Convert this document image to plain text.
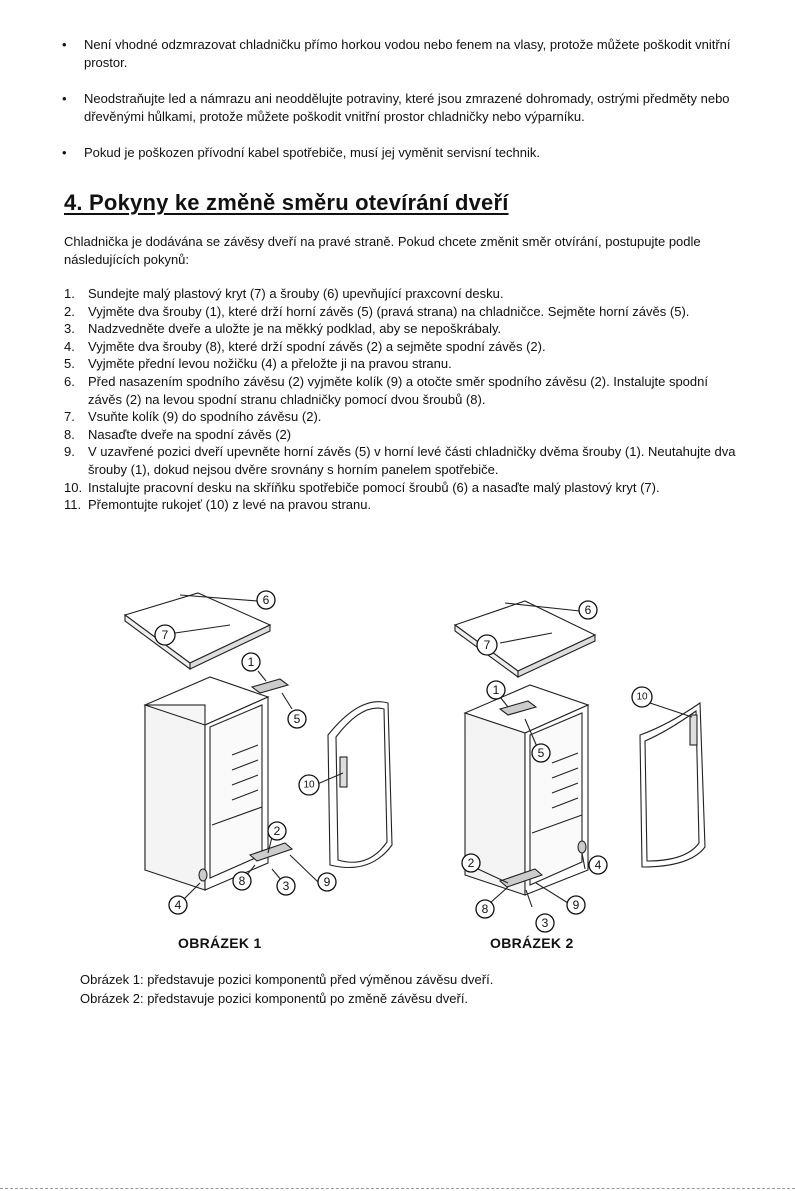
• Není vhodné odzmrazovat chladničku přímo horkou vodou nebo fenem na vlasy, protože můžete poškodit vnitřní prostor.
• Neodstraňujte led a námrazu ani neoddělujte potraviny, které jsou zmrazené dohromady, ostrými předměty nebo dřevěnými hůlkami, protože můžete poškodit vnitřní prostor chladničky nebo výparníku.
• Pokud je poškozen přívodní kabel spotřebiče, musí jej vyměnit servisní technik.
4. Pokyny ke změně směru otevírání dveří
Chladnička je dodávána se závěsy dveří na pravé straně. Pokud chcete změnit směr otvírání, postupujte podle následujících pokynů:
1. Sundejte malý plastový kryt (7) a šrouby (6) upevňující praxcovní desku.
2. Vyjměte dva šrouby (1), které drží horní závěs (5) (pravá strana) na chladničce. Sejměte horní závěs (5).
3. Nadzvedněte dveře a uložte je na měkký podklad, aby se nepoškrábaly.
4. Vyjměte dva šrouby (8), které drží spodní závěs (2) a sejměte spodní závěs (2).
5. Vyjměte přední levou nožičku (4) a přeložte ji na pravou stranu.
6. Před nasazením spodního závěsu (2) vyjměte kolík (9) a otočte směr spodního závěsu (2). Instalujte spodní závěs (2) na levou spodní stranu chladničky pomocí dvou šroubů (8).
7. Vsuňte kolík (9) do spodního závěsu (2).
8. Nasaďte dveře na spodní závěs (2)
9. V uzavřené pozici dveří upevněte horní závěs (5) v horní levé části chladničky dvěma šrouby (1). Neutahujte dva šrouby (1), dokud nejsou dvěre srovnány s horním panelem spotřebiče.
10. Instalujte pracovní desku na skříňku spotřebiče pomocí šroubů (6) a nasaďte malý plastový kryt (7).
11. Přemontujte rukojeť (10) z levé na pravou stranu.
6
7
1
5
10
2
8	3	9
4
6
7
1
5
10
2	4
8	9
3
OBRÁZEK 1	OBRÁZEK 2
Obrázek 1: představuje pozici komponentů před výměnou závěsu dveří.
Obrázek 2: představuje pozici komponentů po změně závěsu dveří.
